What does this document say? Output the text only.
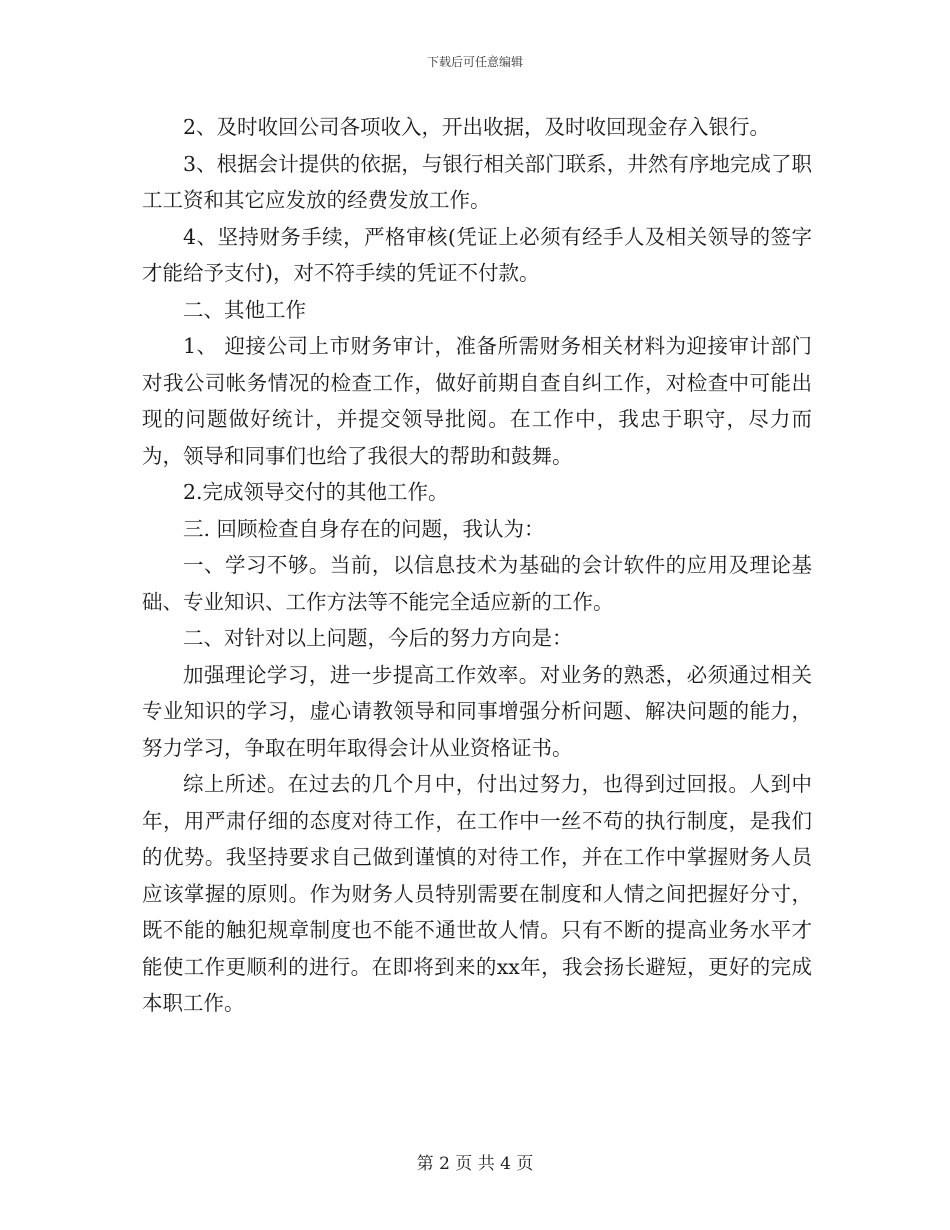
下载后可任意编辑

2、及时收回公司各项收入，开出收据，及时收回现金存入银行。

3、根据会计提供的依据，与银行相关部门联系，井然有序地完成了职工工资和其它应发放的经费发放工作。

4、坚持财务手续，严格审核(凭证上必须有经手人及相关领导的签字才能给予支付)，对不符手续的凭证不付款。

二、其他工作

1、 迎接公司上市财务审计，准备所需财务相关材料为迎接审计部门对我公司帐务情况的检查工作，做好前期自查自纠工作，对检查中可能出现的问题做好统计，并提交领导批阅。在工作中，我忠于职守，尽力而为，领导和同事们也给了我很大的帮助和鼓舞。

2.完成领导交付的其他工作。

三. 回顾检查自身存在的问题，我认为：

一、学习不够。当前，以信息技术为基础的会计软件的应用及理论基础、专业知识、工作方法等不能完全适应新的工作。

二、对针对以上问题，今后的努力方向是：

加强理论学习，进一步提高工作效率。对业务的熟悉，必须通过相关专业知识的学习，虚心请教领导和同事增强分析问题、解决问题的能力，努力学习，争取在明年取得会计从业资格证书。

综上所述。在过去的几个月中，付出过努力，也得到过回报。人到中年，用严肃仔细的态度对待工作，在工作中一丝不苟的执行制度，是我们的优势。我坚持要求自己做到谨慎的对待工作，并在工作中掌握财务人员应该掌握的原则。作为财务人员特别需要在制度和人情之间把握好分寸，既不能的触犯规章制度也不能不通世故人情。只有不断的提高业务水平才能使工作更顺利的进行。在即将到来的xx年，我会扬长避短，更好的完成本职工作。

第 2 页 共 4 页
